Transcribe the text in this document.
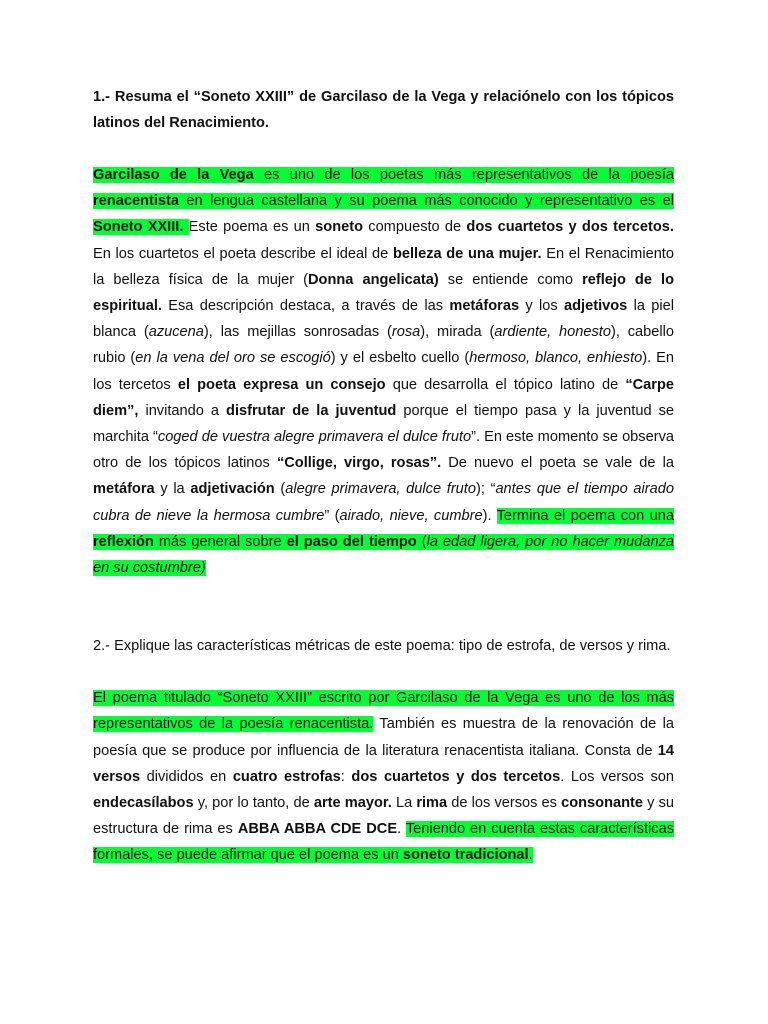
1.- Resuma el “Soneto XXIII” de Garcilaso de la Vega y relaciónelo con los tópicos latinos del Renacimiento.

Garcilaso de la Vega es uno de los poetas más representativos de la poesía renacentista en lengua castellana y su poema más conocido y representativo es el Soneto XXIII. Este poema es un soneto compuesto de dos cuartetos y dos tercetos. En los cuartetos el poeta describe el ideal de belleza de una mujer. En el Renacimiento la belleza física de la mujer (Donna angelicata) se entiende como reflejo de lo espiritual. Esa descripción destaca, a través de las metáforas y los adjetivos la piel blanca (azucena), las mejillas sonrosadas (rosa), mirada (ardiente, honesto), cabello rubio (en la vena del oro se escogió) y el esbelto cuello (hermoso, blanco, enhiesto). En los tercetos el poeta expresa un consejo que desarrolla el tópico latino de “Carpe diem”, invitando a disfrutar de la juventud porque el tiempo pasa y la juventud se marchita “coged de vuestra alegre primavera el dulce fruto”. En este momento se observa otro de los tópicos latinos “Collige, virgo, rosas”. De nuevo el poeta se vale de la metáfora y la adjetivación (alegre primavera, dulce fruto); “antes que el tiempo airado cubra de nieve la hermosa cumbre” (airado, nieve, cumbre). Termina el poema con una reflexión más general sobre el paso del tiempo (la edad ligera, por no hacer mudanza en su costumbre)

2.- Explique las características métricas de este poema: tipo de estrofa, de versos y rima.

El poema titulado “Soneto XXIII” escrito por Garcilaso de la Vega es uno de los más representativos de la poesía renacentista. También es muestra de la renovación de la poesía que se produce por influencia de la literatura renacentista italiana. Consta de 14 versos divididos en cuatro estrofas: dos cuartetos y dos tercetos. Los versos son endecasílabos y, por lo tanto, de arte mayor. La rima de los versos es consonante y su estructura de rima es ABBA ABBA CDE DCE. Teniendo en cuenta estas características formales, se puede afirmar que el poema es un soneto tradicional.
